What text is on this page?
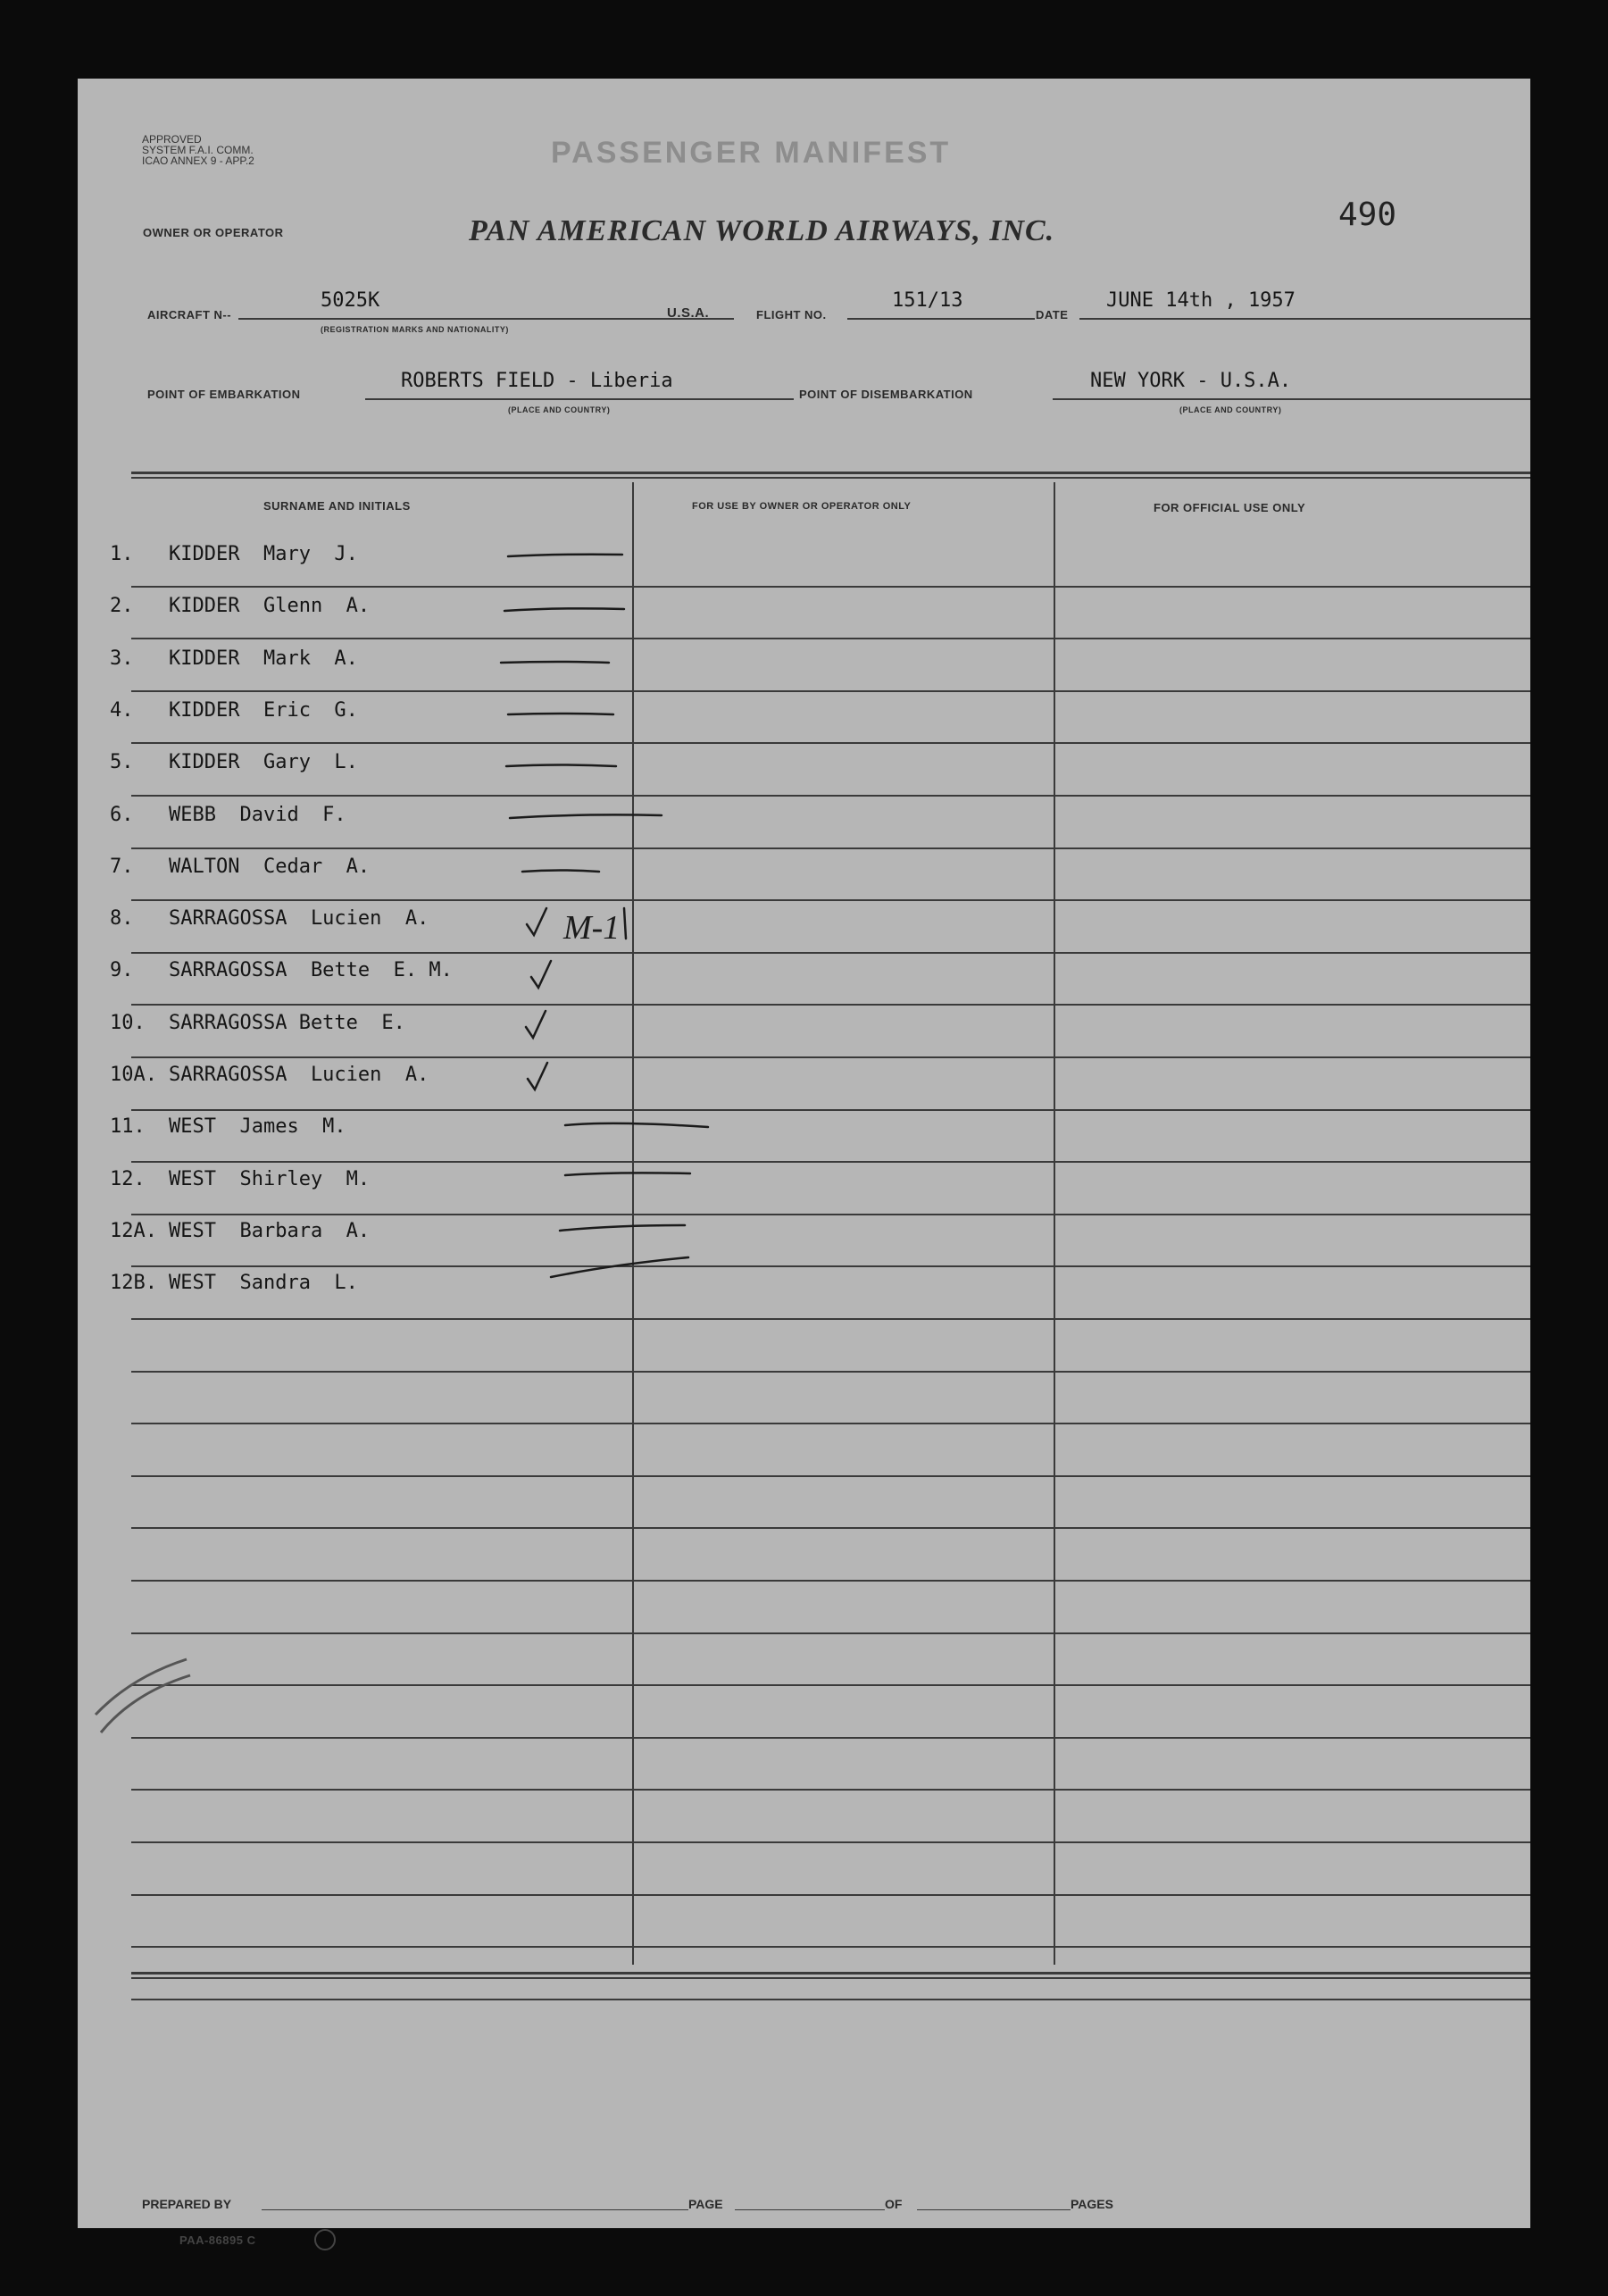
APPROVED
SYSTEM F.A.I. COMM.
ICAO ANNEX 9 - APP.2	PASSENGER MANIFEST
490
OWNER OR OPERATOR	PAN AMERICAN WORLD AIRWAYS, INC.
AIRCRAFT N--
5025K
(REGISTRATION MARKS AND NATIONALITY)
U.S.A.	FLIGHT NO.
151/13
DATE
JUNE 14th , 1957
POINT OF EMBARKATION
ROBERTS FIELD - Liberia
(PLACE AND COUNTRY)
POINT OF DISEMBARKATION
NEW YORK - U.S.A.
(PLACE AND COUNTRY)
SURNAME AND INITIALS	FOR USE BY OWNER OR OPERATOR ONLY	FOR OFFICIAL USE ONLY
1. KIDDER  Mary  J.
2. KIDDER  Glenn  A.
3. KIDDER  Mark  A.
4. KIDDER  Eric  G.
5. KIDDER  Gary  L.
6. WEBB  David  F.
7. WALTON  Cedar  A.
8. SARRAGOSSA  Lucien  A.
9. SARRAGOSSA  Bette  E. M.
10. SARRAGOSSA Bette  E.
10A. SARRAGOSSA  Lucien  A.
11. WEST  James  M.
12. WEST  Shirley  M.
12A. WEST  Barbara  A.
12B. WEST  Sandra  L.
M-1
PREPARED BY	PAGE	OF	PAGES
PAA-86895 C
